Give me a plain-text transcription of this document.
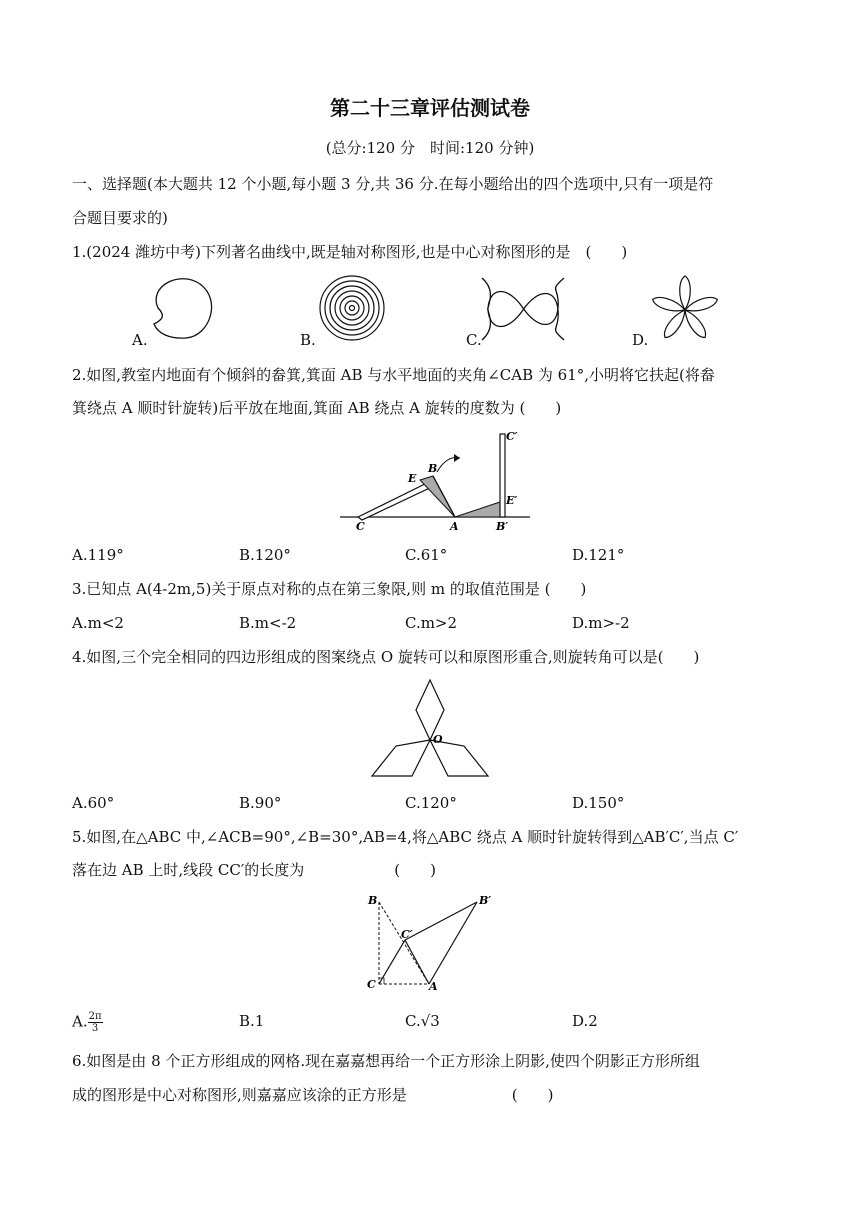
第二十三章评估测试卷
(总分:120 分　时间:120 分钟)
一、选择题(本大题共 12 个小题,每小题 3 分,共 36 分.在每小题给出的四个选项中,只有一项是符
合题目要求的)
1.(2024 潍坊中考)下列著名曲线中,既是轴对称图形,也是中心对称图形的是　(　　)
A.	B.	C.	D.
2.如图,教室内地面有个倾斜的畚箕,箕面 AB 与水平地面的夹角∠CAB 为 61°,小明将它扶起(将畚
箕绕点 A 顺时针旋转)后平放在地面,箕面 AB 绕点 A 旋转的度数为 (　　)
C
E
B
A	B′
E′
C′
A.119°	B.120°	C.61°	D.121°
3.已知点 A(4-2m,5)关于原点对称的点在第三象限,则 m 的取值范围是 (　　)
A.m<2	B.m<-2	C.m>2	D.m>-2
4.如图,三个完全相同的四边形组成的图案绕点 O 旋转可以和原图形重合,则旋转角可以是(　　)
O
A.60°	B.90°	C.120°	D.150°
5.如图,在△ABC 中,∠ACB=90°,∠B=30°,AB=4,将△ABC 绕点 A 顺时针旋转得到△AB′C′,当点 C′
落在边 AB 上时,线段 CC′的长度为　　　　　　(　　)
B	B′
C′
C	A
A. $\frac{2\pi}{3}$	B.1	C.√3	D.2
6.如图是由 8 个正方形组成的网格.现在嘉嘉想再给一个正方形涂上阴影,使四个阴影正方形所组
成的图形是中心对称图形,则嘉嘉应该涂的正方形是　　　　　　　(　　)
